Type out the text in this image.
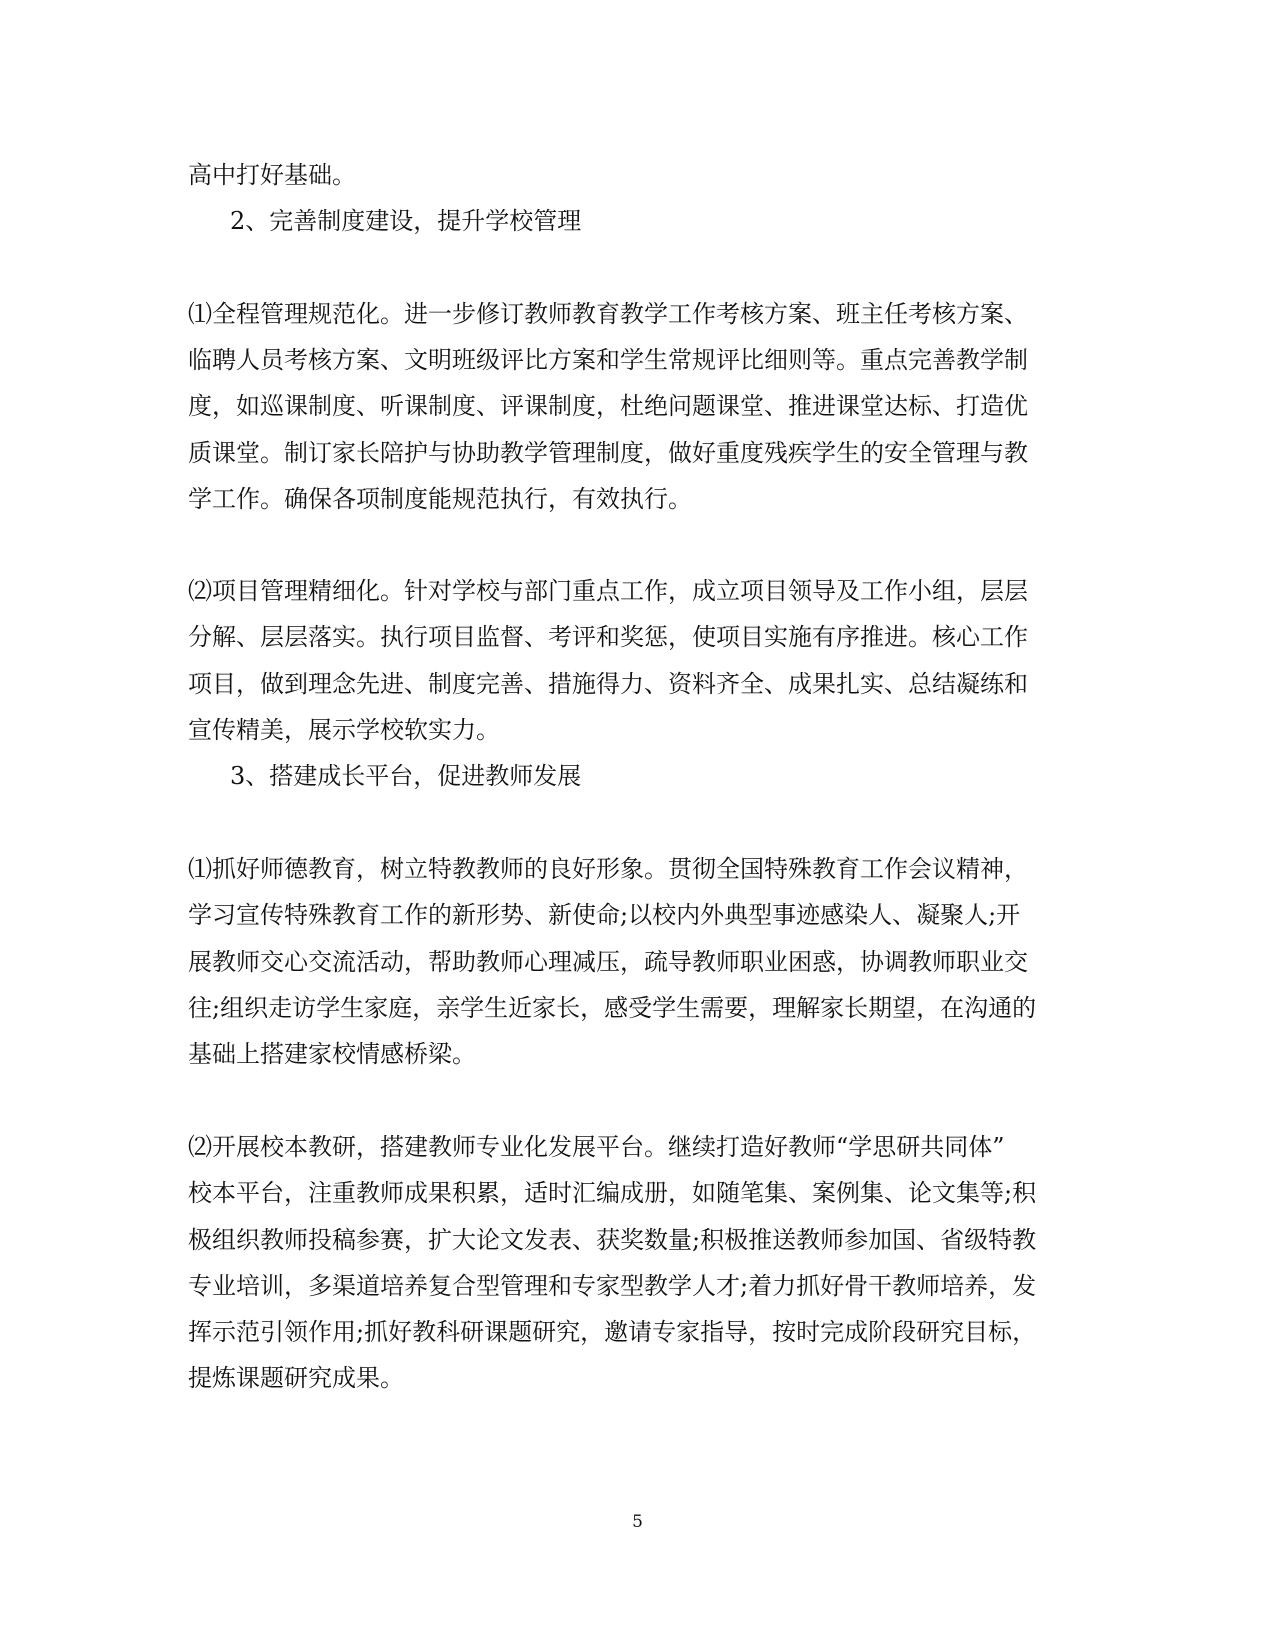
高中打好基础。
2、完善制度建设，提升学校管理
⑴全程管理规范化。进一步修订教师教育教学工作考核方案、班主任考核方案、
临聘人员考核方案、文明班级评比方案和学生常规评比细则等。重点完善教学制
度，如巡课制度、听课制度、评课制度，杜绝问题课堂、推进课堂达标、打造优
质课堂。制订家长陪护与协助教学管理制度，做好重度残疾学生的安全管理与教
学工作。确保各项制度能规范执行，有效执行。
⑵项目管理精细化。针对学校与部门重点工作，成立项目领导及工作小组，层层
分解、层层落实。执行项目监督、考评和奖惩，使项目实施有序推进。核心工作
项目，做到理念先进、制度完善、措施得力、资料齐全、成果扎实、总结凝练和
宣传精美，展示学校软实力。
3、搭建成长平台，促进教师发展
⑴抓好师德教育，树立特教教师的良好形象。贯彻全国特殊教育工作会议精神，
学习宣传特殊教育工作的新形势、新使命;以校内外典型事迹感染人、凝聚人;开
展教师交心交流活动，帮助教师心理减压，疏导教师职业困惑，协调教师职业交
往;组织走访学生家庭，亲学生近家长，感受学生需要，理解家长期望，在沟通的
基础上搭建家校情感桥梁。
⑵开展校本教研，搭建教师专业化发展平台。继续打造好教师“学思研共同体”
校本平台，注重教师成果积累，适时汇编成册，如随笔集、案例集、论文集等;积
极组织教师投稿参赛，扩大论文发表、获奖数量;积极推送教师参加国、省级特教
专业培训，多渠道培养复合型管理和专家型教学人才;着力抓好骨干教师培养，发
挥示范引领作用;抓好教科研课题研究，邀请专家指导，按时完成阶段研究目标，
提炼课题研究成果。
5
